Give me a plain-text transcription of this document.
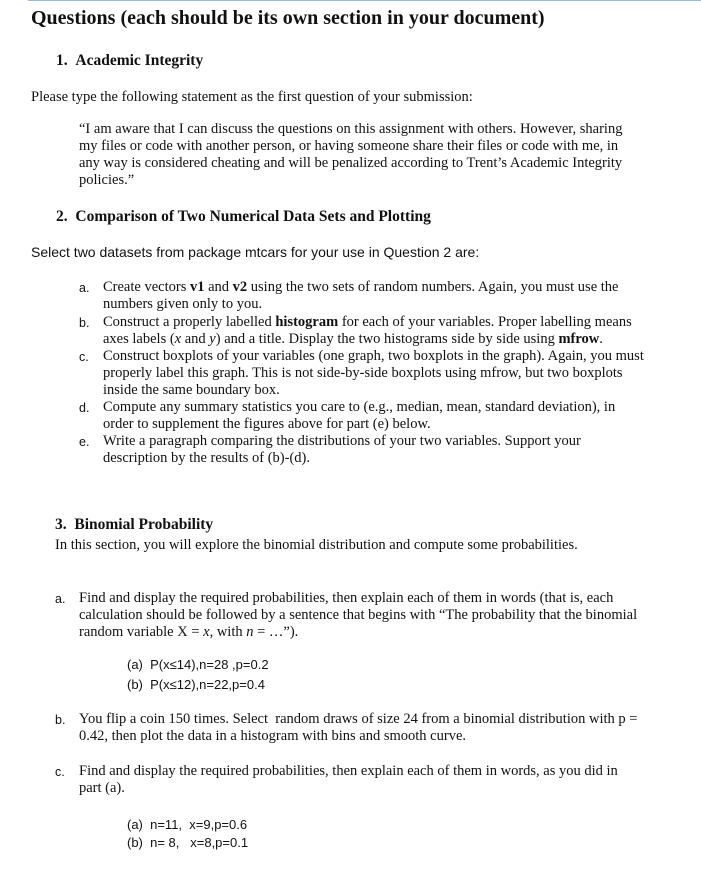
Questions (each should be its own section in your document)
1.  Academic Integrity
Please type the following statement as the first question of your submission:
“I am aware that I can discuss the questions on this assignment with others. However, sharing my files or code with another person, or having someone share their files or code with me, in any way is considered cheating and will be penalized according to Trent’s Academic Integrity policies.”
2.  Comparison of Two Numerical Data Sets and Plotting
Select two datasets from package mtcars for your use in Question 2 are:
a. Create vectors v1 and v2 using the two sets of random numbers. Again, you must use the numbers given only to you.
b. Construct a properly labelled histogram for each of your variables. Proper labelling means axes labels (x and y) and a title. Display the two histograms side by side using mfrow.
c. Construct boxplots of your variables (one graph, two boxplots in the graph). Again, you must properly label this graph. This is not side-by-side boxplots using mfrow, but two boxplots inside the same boundary box.
d. Compute any summary statistics you care to (e.g., median, mean, standard deviation), in order to supplement the figures above for part (e) below.
e. Write a paragraph comparing the distributions of your two variables. Support your description by the results of (b)-(d).
3.  Binomial Probability
In this section, you will explore the binomial distribution and compute some probabilities.
a. Find and display the required probabilities, then explain each of them in words (that is, each calculation should be followed by a sentence that begins with “The probability that the binomial random variable X = x, with n = …”).
(a)  P(x≤14),n=28 ,p=0.2
(b)  P(x≤12),n=22,p=0.4
b. You flip a coin 150 times. Select  random draws of size 24 from a binomial distribution with p = 0.42, then plot the data in a histogram with bins and smooth curve.
c. Find and display the required probabilities, then explain each of them in words, as you did in part (a).
(a)  n=11,  x=9,p=0.6
(b)  n= 8,   x=8,p=0.1
